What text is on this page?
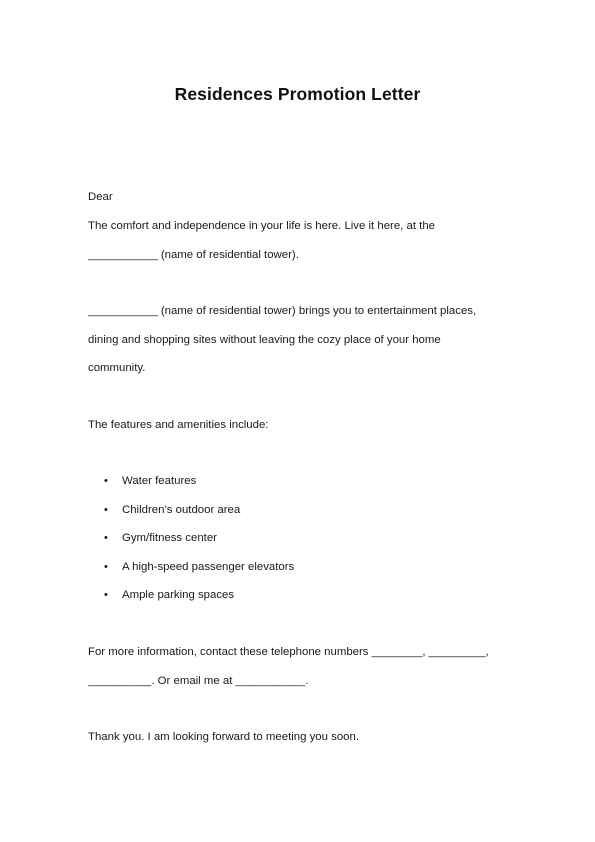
Residences Promotion Letter
Dear
The comfort and independence in your life is here. Live it here, at the
___________ (name of residential tower).
___________ (name of residential tower) brings you to entertainment places,
dining and shopping sites without leaving the cozy place of your home
community.
The features and amenities include:
• Water features
• Children’s outdoor area
• Gym/fitness center
• A high-speed passenger elevators
• Ample parking spaces
For more information, contact these telephone numbers ________, _________,
__________. Or email me at ___________.
Thank you. I am looking forward to meeting you soon.
